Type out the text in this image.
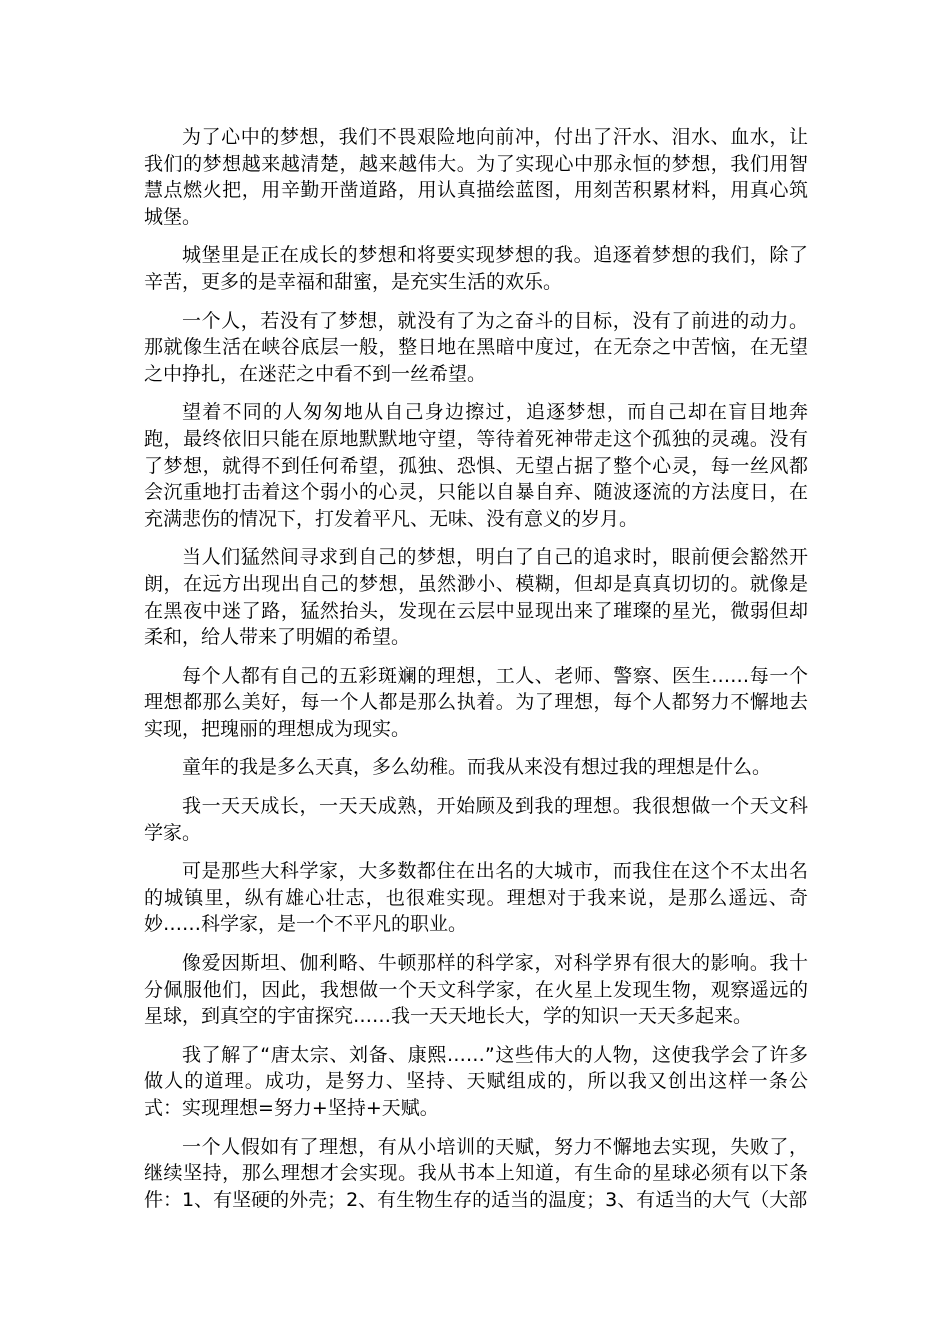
为了心中的梦想，我们不畏艰险地向前冲，付出了汗水、泪水、血水，让我们的梦想越来越清楚，越来越伟大。为了实现心中那永恒的梦想，我们用智慧点燃火把，用辛勤开凿道路，用认真描绘蓝图，用刻苦积累材料，用真心筑城堡。

城堡里是正在成长的梦想和将要实现梦想的我。追逐着梦想的我们，除了辛苦，更多的是幸福和甜蜜，是充实生活的欢乐。

一个人，若没有了梦想，就没有了为之奋斗的目标，没有了前进的动力。那就像生活在峡谷底层一般，整日地在黑暗中度过，在无奈之中苦恼，在无望之中挣扎，在迷茫之中看不到一丝希望。

望着不同的人匆匆地从自己身边擦过，追逐梦想，而自己却在盲目地奔跑，最终依旧只能在原地默默地守望，等待着死神带走这个孤独的灵魂。没有了梦想，就得不到任何希望，孤独、恐惧、无望占据了整个心灵，每一丝风都会沉重地打击着这个弱小的心灵，只能以自暴自弃、随波逐流的方法度日，在充满悲伤的情况下，打发着平凡、无味、没有意义的岁月。

当人们猛然间寻求到自己的梦想，明白了自己的追求时，眼前便会豁然开朗，在远方出现出自己的梦想，虽然渺小、模糊，但却是真真切切的。就像是在黑夜中迷了路，猛然抬头，发现在云层中显现出来了璀璨的星光，微弱但却柔和，给人带来了明媚的希望。

每个人都有自己的五彩斑斓的理想，工人、老师、警察、医生……每一个理想都那么美好，每一个人都是那么执着。为了理想，每个人都努力不懈地去实现，把瑰丽的理想成为现实。

童年的我是多么天真，多么幼稚。而我从来没有想过我的理想是什么。

我一天天成长，一天天成熟，开始顾及到我的理想。我很想做一个天文科学家。

可是那些大科学家，大多数都住在出名的大城市，而我住在这个不太出名的城镇里，纵有雄心壮志，也很难实现。理想对于我来说，是那么遥远、奇妙……科学家，是一个不平凡的职业。

像爱因斯坦、伽利略、牛顿那样的科学家，对科学界有很大的影响。我十分佩服他们，因此，我想做一个天文科学家，在火星上发现生物，观察遥远的星球，到真空的宇宙探究……我一天天地长大，学的知识一天天多起来。

我了解了“唐太宗、刘备、康熙……”这些伟大的人物，这使我学会了许多做人的道理。成功，是努力、坚持、天赋组成的，所以我又创出这样一条公式：实现理想=努力+坚持+天赋。

一个人假如有了理想，有从小培训的天赋，努力不懈地去实现，失败了，继续坚持，那么理想才会实现。我从书本上知道，有生命的星球必须有以下条件：1、有坚硬的外壳；2、有生物生存的适当的温度；3、有适当的大气（大部
